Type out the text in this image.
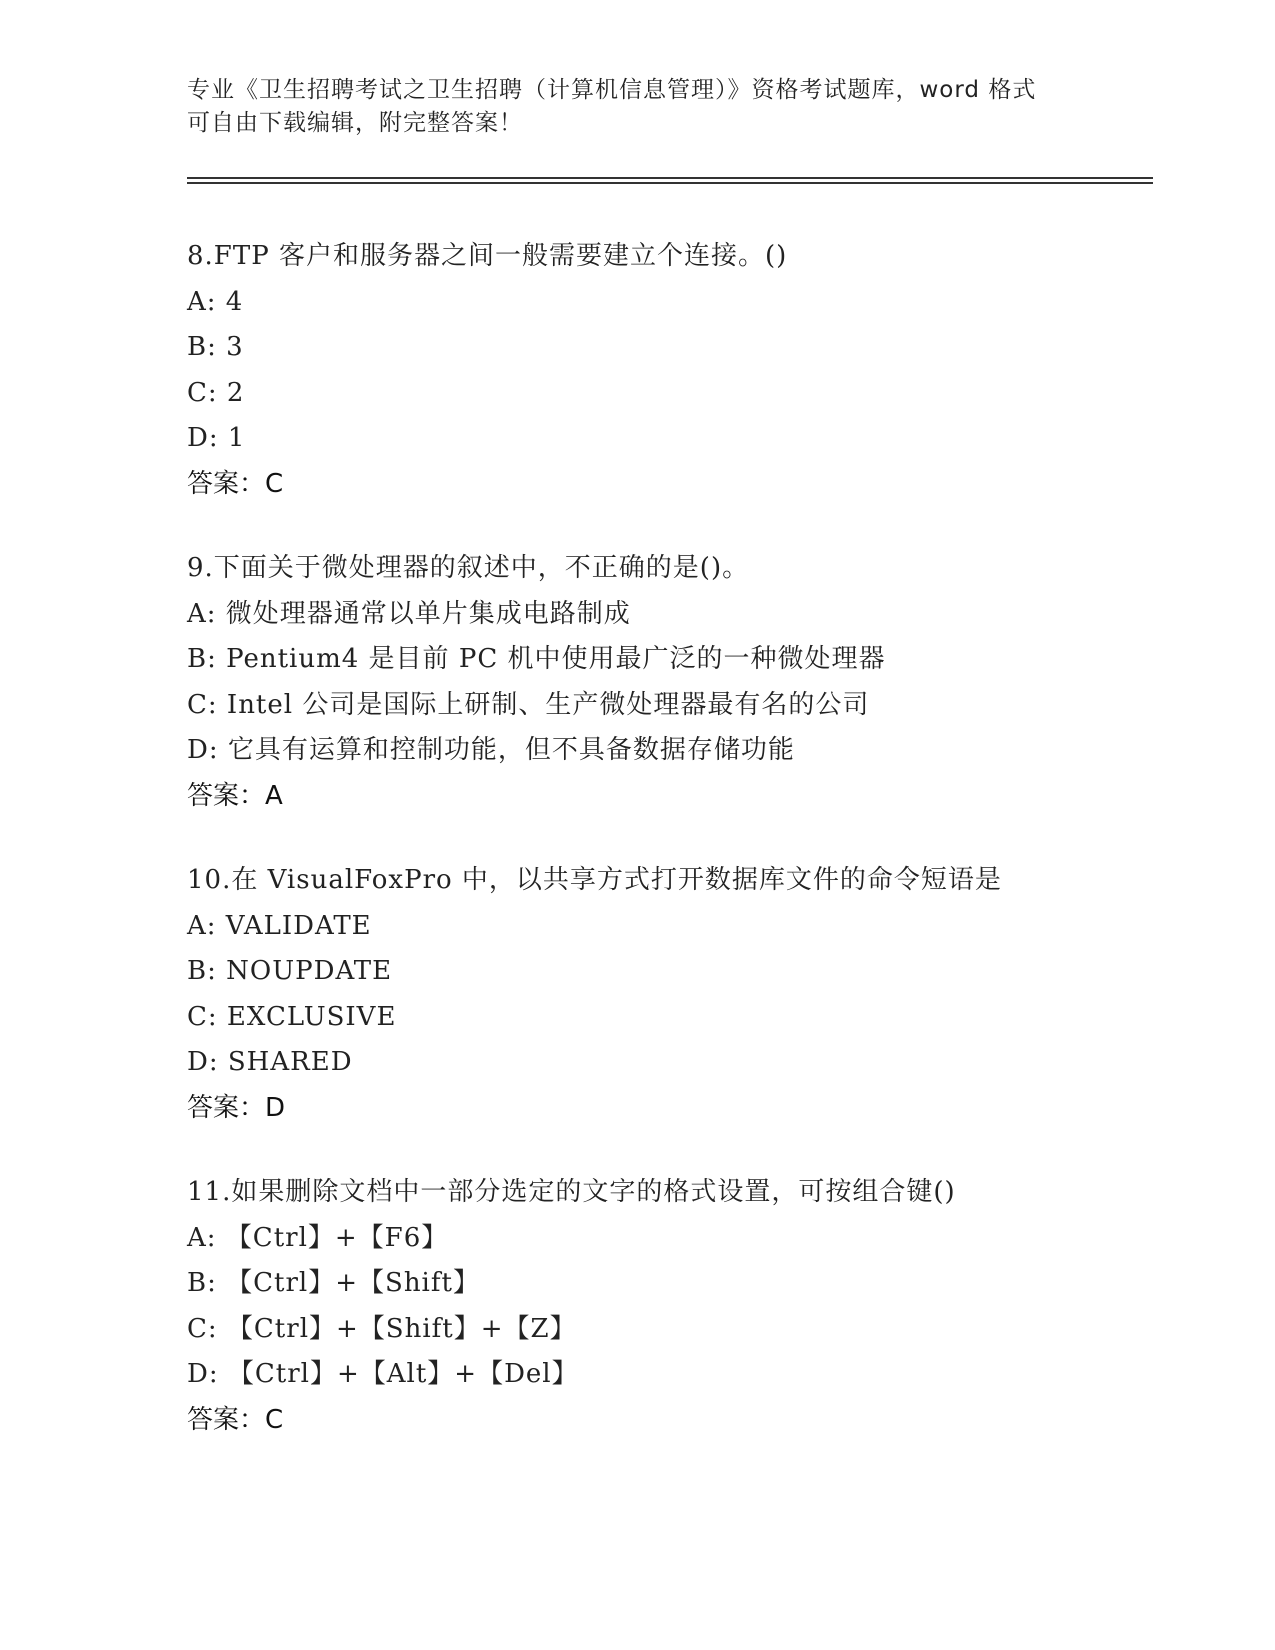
专业《卫生招聘考试之卫生招聘（计算机信息管理）》资格考试题库，word 格式
可自由下载编辑，附完整答案！
8.FTP 客户和服务器之间一般需要建立个连接。()
A: 4
B: 3
C: 2
D: 1
答案：C
9.下面关于微处理器的叙述中，不正确的是()。
A: 微处理器通常以单片集成电路制成
B: Pentium4 是目前 PC 机中使用最广泛的一种微处理器
C: Intel 公司是国际上研制、生产微处理器最有名的公司
D: 它具有运算和控制功能，但不具备数据存储功能
答案：A
10.在 VisualFoxPro 中，以共享方式打开数据库文件的命令短语是
A: VALIDATE
B: NOUPDATE
C: EXCLUSIVE
D: SHARED
答案：D
11.如果删除文档中一部分选定的文字的格式设置，可按组合键()
A: 【Ctrl】+【F6】
B: 【Ctrl】+【Shift】
C: 【Ctrl】+【Shift】+【Z】
D: 【Ctrl】+【Alt】+【Del】
答案：C
